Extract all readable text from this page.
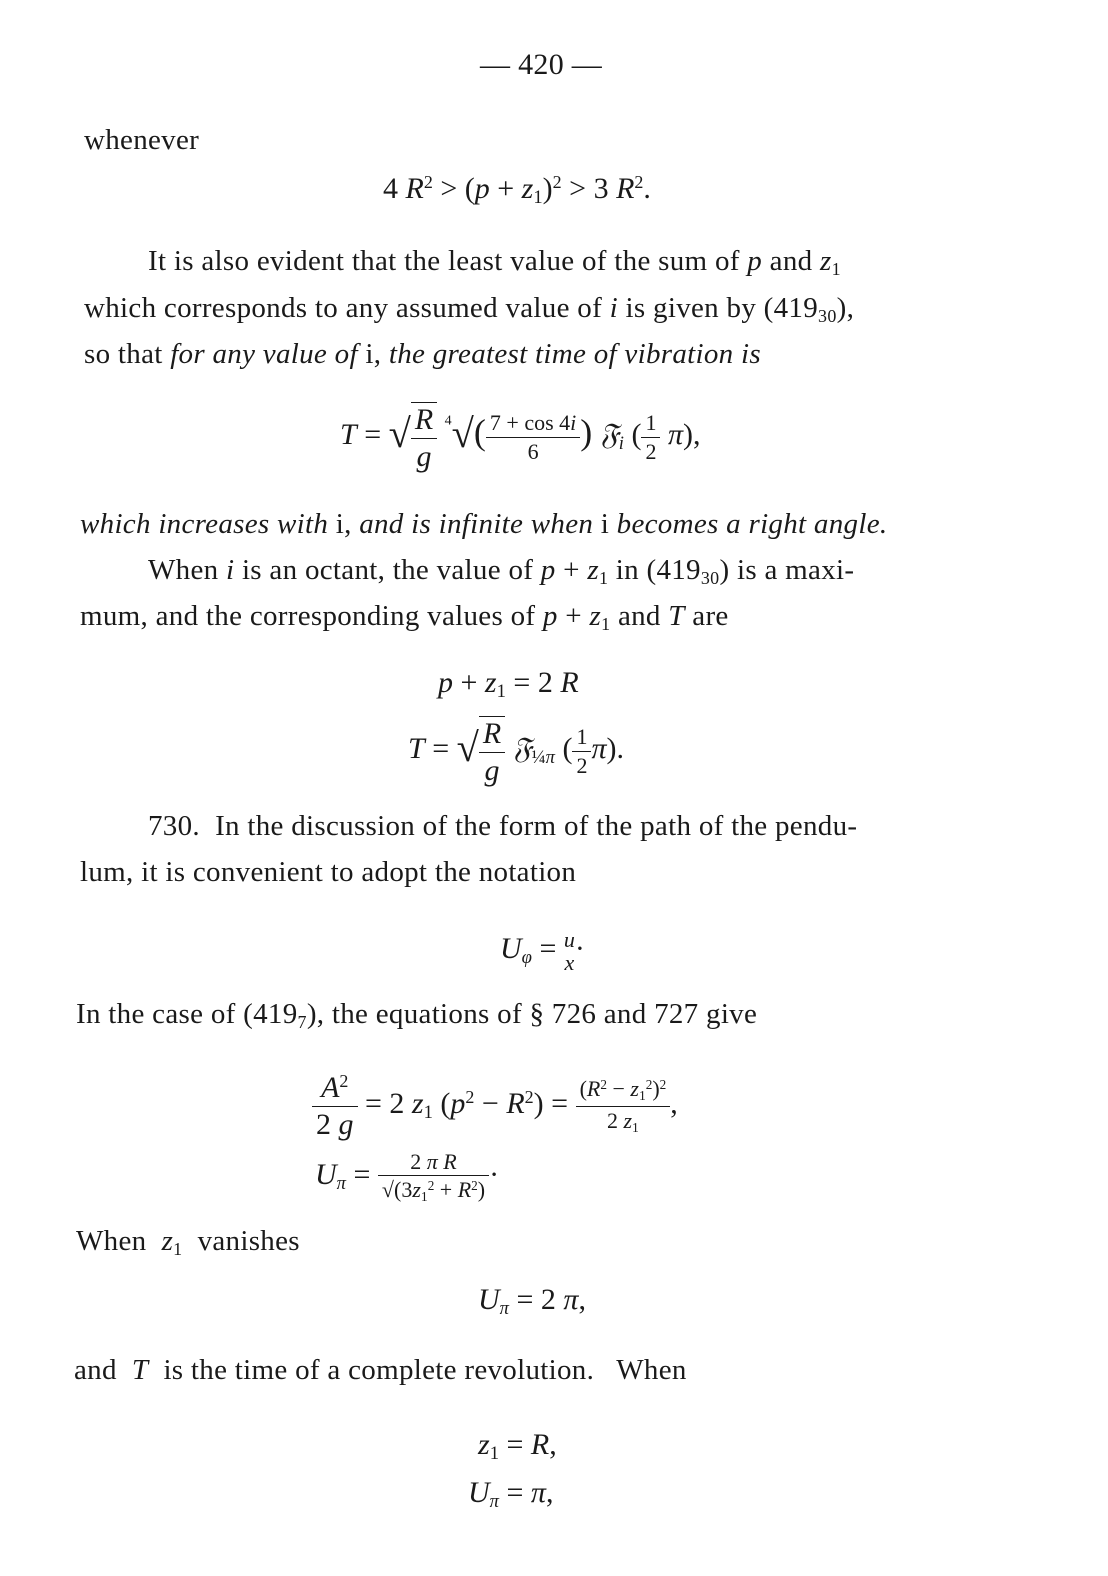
— 420 —
whenever
4 $R^2 > (p + z_1)^2 > 3$ $R^2$.
It is also evident that the least value of the sum of p and $z_1$
which corresponds to any assumed value of i is given by $(419_{30})$,
so that for any value of i, the greatest time of vibration is
T = √ $\frac{R}{g} ^4√( \frac{7 + \cos 4i}{6}$ ) 𝔉$_i$ ( $\frac{1}{2} \pi$),
which increases with i, and is infinite when i becomes a right angle.
When i is an octant, the value of $p + z_1$ in $(419_{30})$ is a maxi-
mum, and the corresponding values of $p + z_1$ and T are
$p + z_1 = 2$ R
T = √ $\frac{R}{g}$ 𝔉$_{\frac{1}{4}\pi}$ ( $\frac{1}{2} \pi$).
730. In the discussion of the form of the path of the pendu-
lum, it is convenient to adopt the notation
$U_\varphi = u$
x ·
In the case of $(419_7)$, the equations of § 726 and 727 give
$\frac{A^2}{2 g} = 2$ $z_1$ $(p^2 - R^2) = \frac{(R^2 - z_1^2)^2}{2 z_1}$ ,
$U_\pi = \frac{\text{2 π R}}{√(3z_1^2 + R^2)}$ ·
When $z_1$ vanishes
$U_\pi = 2$ π,
and T is the time of a complete revolution. When
$z_1 = R$,
$U_\pi = \pi$,
